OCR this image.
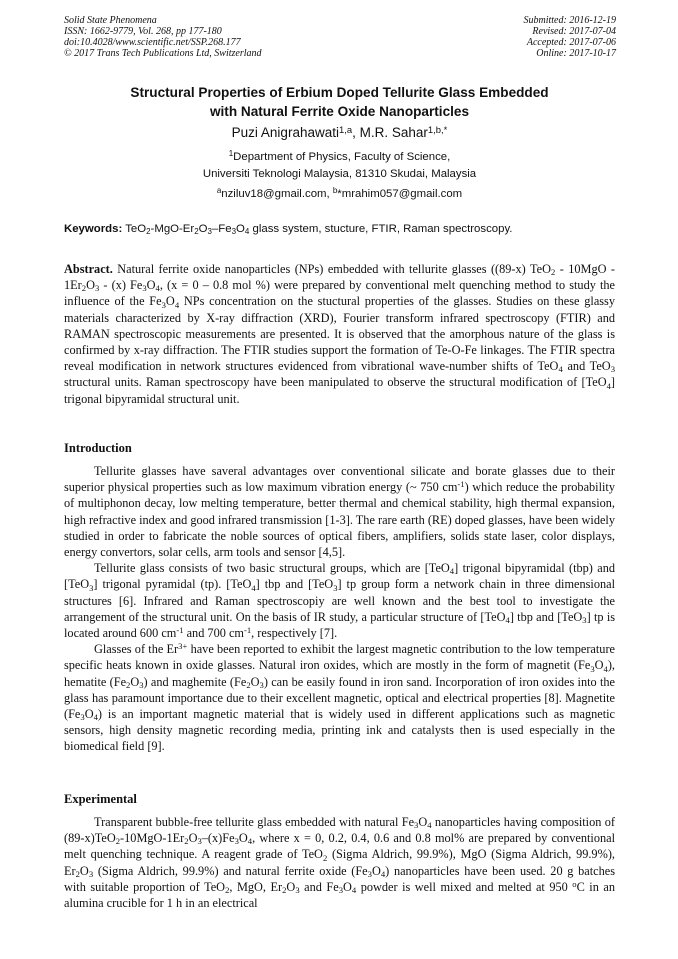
Solid State Phenomena
ISSN: 1662-9779, Vol. 268, pp 177-180
doi:10.4028/www.scientific.net/SSP.268.177
© 2017 Trans Tech Publications Ltd, Switzerland
Submitted: 2016-12-19
Revised: 2017-07-04
Accepted: 2017-07-06
Online: 2017-10-17
Structural Properties of Erbium Doped Tellurite Glass Embedded
with Natural Ferrite Oxide Nanoparticles
Puzi Anigrahawati$^{1,a}$, M.R. Sahar$^{1,b,*}$
$^1$Department of Physics, Faculty of Science,
Universiti Teknologi Malaysia, 81310 Skudai, Malaysia
$^a$nziluv18@gmail.com, $^b$*mrahim057@gmail.com
Keywords: $TeO_2-MgO-Er_2O_3-Fe_3O_4$ glass system, stucture, FTIR, Raman spectroscopy.
Abstract. Natural ferrite oxide nanoparticles (NPs) embedded with tellurite glasses ((89-x) $TeO_2 - 10MgO - 1Er_2O_3 - (x)$ $Fe_3O_4$, (x = 0 – 0.8 mol %) were prepared by conventional melt quenching method to study the influence of the $Fe_3O_4$ NPs concentration on the stuctural properties of the glasses. Studies on these glassy materials characterized by X-ray diffraction (XRD), Fourier transform infrared spectroscopy (FTIR) and RAMAN spectroscopic measurements are presented. It is observed that the amorphous nature of the glass is confirmed by x-ray diffraction. The FTIR studies support the formation of Te-O-Fe linkages. The FTIR spectra reveal modification in network structures evidenced from vibrational wave-number shifts of TeO$_4$ and TeO$_3$ structural units. Raman spectroscopy have been manipulated to observe the structural modification of [TeO$_4$] trigonal bipyramidal structural unit.
Introduction

Tellurite glasses have saveral advantages over conventional silicate and borate glasses due to their superior physical properties such as low maximum vibration energy (~ 750 $cm^{-1}$) which reduce the probability of multiphonon decay, low melting temperature, better thermal and chemical stability, high thermal expansion, high refractive index and good infrared transmission [1-3]. The rare earth (RE) doped glasses, have been widely studied in order to fabricate the noble sources of optical fibers, amplifiers, solids state laser, color displays, energy convertors, solar cells, arm tools and sensor [4,5].

Tellurite glass consists of two basic structural groups, which are [TeO$_4$] trigonal bipyramidal (tbp) and [TeO$_3$] trigonal pyramidal (tp). [TeO$_4$] tbp and [TeO$_3$] tp group form a network chain in three dimensional structures [6]. Infrared and Raman spectroscopiy are well known and the best tool to investigate the arrangement of the structural unit. On the basis of IR study, a particular structure of [TeO$_4$] tbp and [TeO$_3$] tp is located around 600 $cm^{-1}$ and 700 $cm^{-1}$, respectively [7].

Glasses of the $Er^{3+}$ have been reported to exhibit the largest magnetic contribution to the low temperature specific heats known in oxide glasses. Natural iron oxides, which are mostly in the form of magnetit $(Fe_3O_4)$, hematite $(Fe_2O_3)$ and maghemite $(Fe_2O_3)$ can be easily found in iron sand. Incorporation of iron oxides into the glass has paramount importance due to their excellent magnetic, optical and electrical properties [8]. Magnetite $(Fe_3O_4)$ is an important magnetic material that is widely used in different applications such as magnetic sensors, high density magnetic recording media, printing ink and catalysts then is used especially in the biomedical field [9].

Experimental

Transparent bubble-free tellurite glass embedded with natural $Fe_3O_4$ nanoparticles having composition of $(89-x)TeO_2-10MgO-1Er_2O_3-(x)Fe_3O_4$, where x = 0, 0.2, 0.4, 0.6 and 0.8 mol% are prepared by conventional melt quenching technique. A reagent grade of TeO$_2$ (Sigma Aldrich, 99.9%), MgO (Sigma Aldrich, 99.9%), $Er_2O_3$ (Sigma Aldrich, 99.9%) and natural ferrite oxide $(Fe_3O_4)$ nanoparticles have been used. 20 g batches with suitable proportion of TeO$_2$, MgO, $Er_2O_3$ and $Fe_3O_4$ powder is well mixed and melted at 950 $^o$C in an alumina crucible for 1 h in an electrical
